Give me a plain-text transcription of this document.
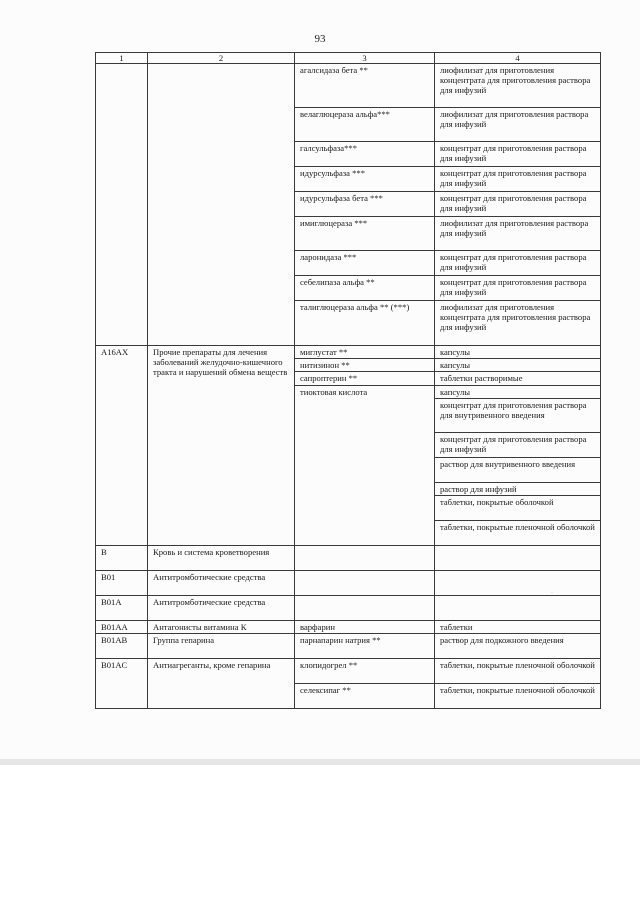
93
1	2	3	4
		агалсидаза бета **	лиофилизат для приготовления концентрата для приготовления раствора для инфузий
		велаглюцераза альфа***	лиофилизат для приготовления раствора для инфузий
		галсульфаза***	концентрат для приготовления раствора для инфузий
		идурсульфаза ***	концентрат для приготовления раствора для инфузий
		идурсульфаза бета ***	концентрат для приготовления раствора для инфузий
		имиглюцераза ***	лиофилизат для приготовления раствора для инфузий
		ларонидаза ***	концентрат для приготовления раствора для инфузий
		себелипаза альфа **	концентрат для приготовления раствора для инфузий
		талиглюцераза альфа ** (***)	лиофилизат для приготовления концентрата для приготовления раствора для инфузий
A16AX	Прочие препараты для лечения заболеваний желудочно-кишечного тракта и нарушений обмена веществ	миглустат **	капсулы
		нитизинон **	капсулы
		сапроптерин **	таблетки растворимые
		тиоктовая кислота	капсулы
			концентрат для приготовления раствора для внутривенного введения
			концентрат для приготовления раствора для инфузий
			раствор для внутривенного введения
			раствор для инфузий
			таблетки, покрытые оболочкой
			таблетки, покрытые пленочной оболочкой
B	Кровь и система кроветворения		
B01	Антитромботические средства		
B01A	Антитромботические средства		
B01AA	Антагонисты витамина К	варфарин	таблетки
B01AB	Группа гепарина	парнапарин натрия **	раствор для подкожного введения
B01AC	Антиагреганты, кроме гепарина	клопидогрел **	таблетки, покрытые пленочной оболочкой
		селексипаг **	таблетки, покрытые пленочной оболочкой
·
